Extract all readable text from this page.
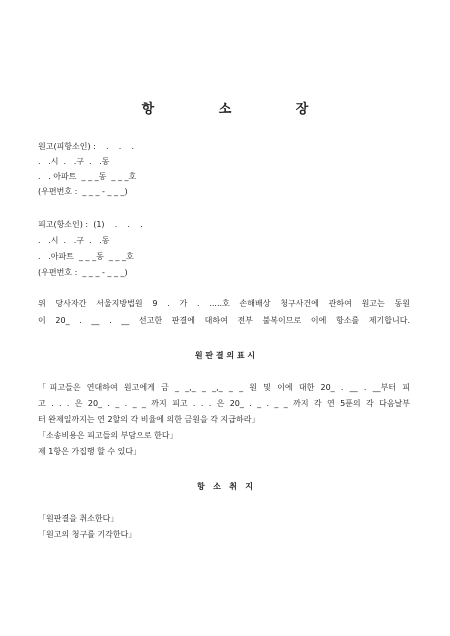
항 소 장
원고(피항소인) :    .    .    .
.   .시  .   .구  .   .동
.   . 아파트  _ _ _동  _ _ _호
(우편번호 :  _ _ _ - _ _ _)
피고(항소인) :  (1)    .    .    .
.   .시  .   .구  .   .동
.   .아파트  _ _ _동  _ _ _호
(우편번호 :  _ _ _ - _ _ _)
위 당사자간 서울지방법원 9 . 가 . .....호 손해배상 청구사건에 관하여 원고는 동원
이 20_ . __ . __ 선고한 판결에 대하여 전부 불복이므로 이에 항소를 제기합니다.
원 판 결 의 표 시
「피고들은 연대하여 원고에게 금 _ _,_ _ _,_ _ _ 원 및 이에 대한 20_ . __ . __부터 피
고 . . . 은 20_ . _ . _ _ 까지 피고 . . . 은 20_ . _ . _ _ 까지 각 연 5푼의 각 다음날부
터 완제일까지는 연 2할의 각 비율에 의한 금원을 각 지급하라」
「소송비용은 피고들의 부담으로 한다」
제 1항은 가집행 할 수 있다」
항   소   취   지
「원판결을 취소한다」
「원고의 청구를 기각한다」
